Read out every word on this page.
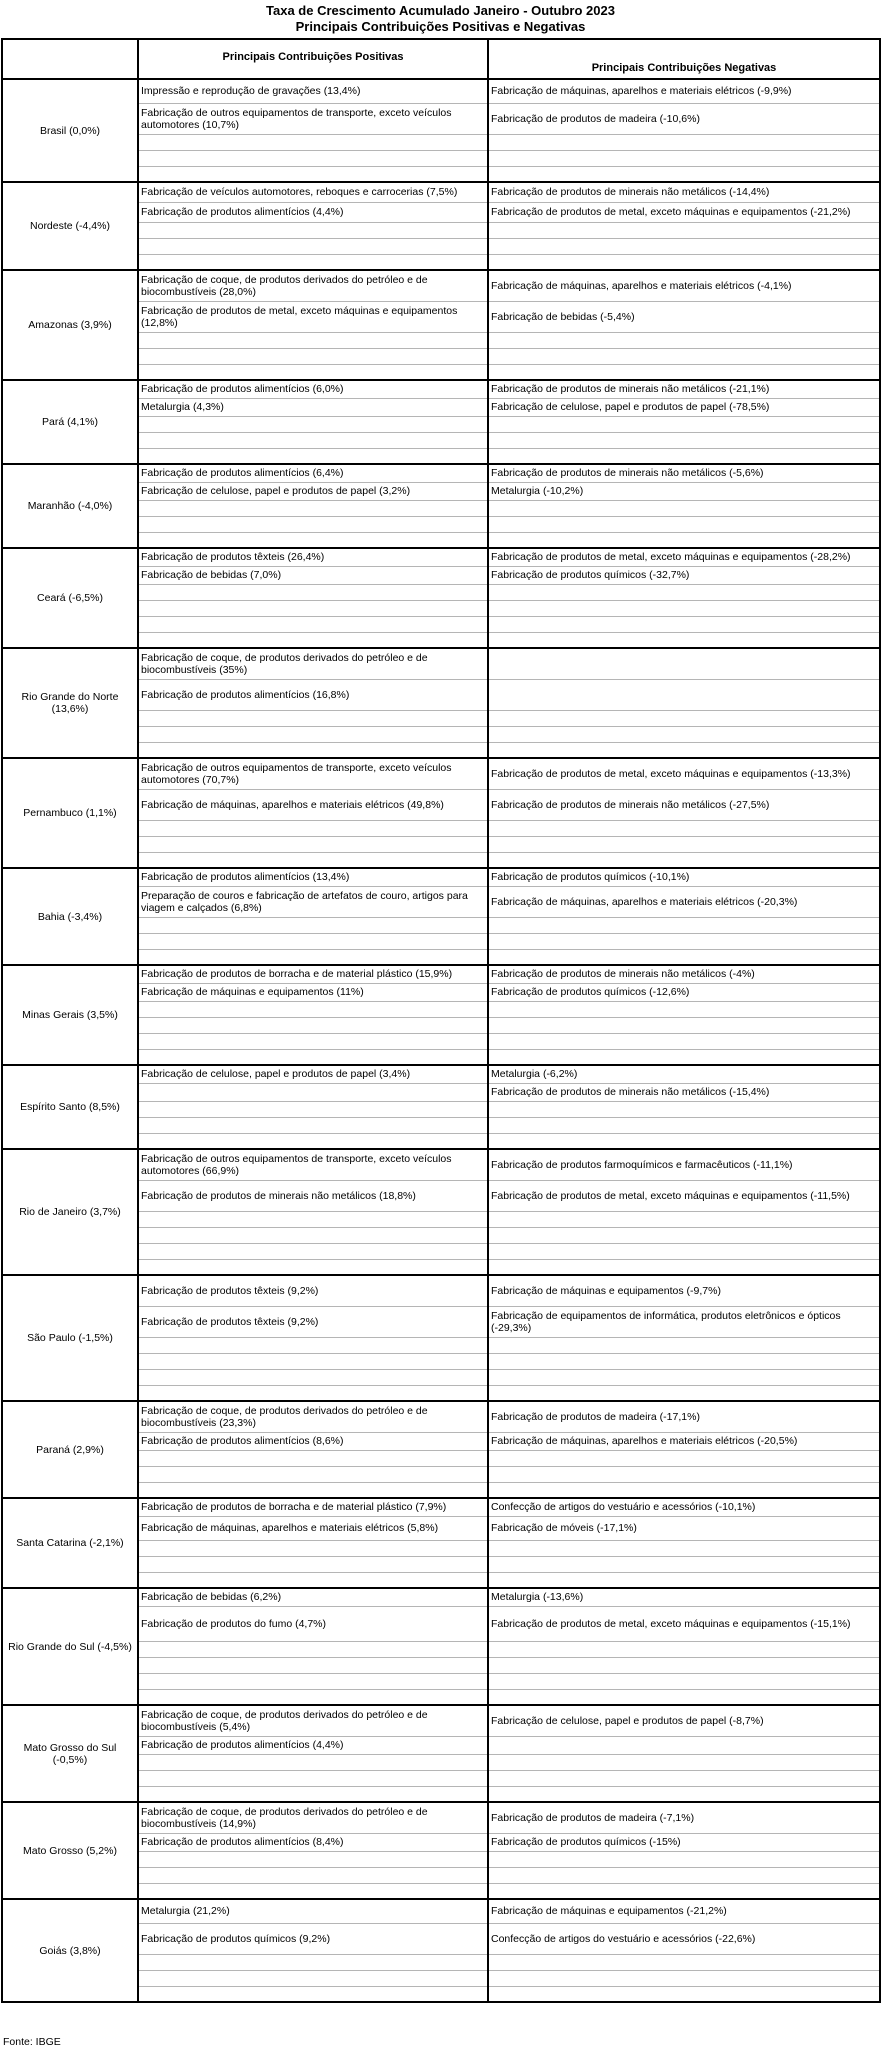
Taxa de Crescimento Acumulado Janeiro - Outubro 2023
Principais Contribuições Positivas e Negativas
	Principais Contribuições Positivas	Principais Contribuições Negativas
Brasil (0,0%)	Impressão e reprodução de gravações (13,4%)	Fabricação de máquinas, aparelhos e materiais elétricos (-9,9%)
	Fabricação de outros equipamentos de transporte, exceto veículos automotores (10,7%)	Fabricação de produtos de madeira (-10,6%)

Nordeste (-4,4%)	Fabricação de veículos automotores, reboques e carrocerias (7,5%)	Fabricação de produtos de minerais não metálicos (-14,4%)
	Fabricação de produtos alimentícios (4,4%)	Fabricação de produtos de metal, exceto máquinas e equipamentos (-21,2%)

Amazonas (3,9%)	Fabricação de coque, de produtos derivados do petróleo e de biocombustíveis (28,0%)	Fabricação de máquinas, aparelhos e materiais elétricos (-4,1%)
	Fabricação de produtos de metal, exceto máquinas e equipamentos (12,8%)	Fabricação de bebidas (-5,4%)

Pará (4,1%)	Fabricação de produtos alimentícios (6,0%)	Fabricação de produtos de minerais não metálicos (-21,1%)
	Metalurgia (4,3%)	Fabricação de celulose, papel e produtos de papel (-78,5%)

Maranhão (-4,0%)	Fabricação de produtos alimentícios (6,4%)	Fabricação de produtos de minerais não metálicos (-5,6%)
	Fabricação de celulose, papel e produtos de papel (3,2%)	Metalurgia (-10,2%)

Ceará (-6,5%)	Fabricação de produtos têxteis (26,4%)	Fabricação de produtos de metal, exceto máquinas e equipamentos (-28,2%)
	Fabricação de bebidas (7,0%)	Fabricação de produtos químicos (-32,7%)

Rio Grande do Norte (13,6%)	Fabricação de coque, de produtos derivados do petróleo e de biocombustíveis (35%)	
	Fabricação de produtos alimentícios (16,8%)	

Pernambuco (1,1%)	Fabricação de outros equipamentos de transporte, exceto veículos automotores (70,7%)	Fabricação de produtos de metal, exceto máquinas e equipamentos (-13,3%)
	Fabricação de máquinas, aparelhos e materiais elétricos (49,8%)	Fabricação de produtos de minerais não metálicos (-27,5%)

Bahia (-3,4%)	Fabricação de produtos alimentícios (13,4%)	Fabricação de produtos químicos (-10,1%)
	Preparação de couros e fabricação de artefatos de couro, artigos para viagem e calçados (6,8%)	Fabricação de máquinas, aparelhos e materiais elétricos (-20,3%)

Minas Gerais (3,5%)	Fabricação de produtos de borracha e de material plástico (15,9%)	Fabricação de produtos de minerais não metálicos (-4%)
	Fabricação de máquinas e equipamentos (11%)	Fabricação de produtos químicos (-12,6%)

Espírito Santo (8,5%)	Fabricação de celulose, papel e produtos de papel (3,4%)	Metalurgia (-6,2%)
		Fabricação de produtos de minerais não metálicos (-15,4%)

Rio de Janeiro (3,7%)	Fabricação de outros equipamentos de transporte, exceto veículos automotores (66,9%)	Fabricação de produtos farmoquímicos e farmacêuticos (-11,1%)
	Fabricação de produtos de minerais não metálicos (18,8%)	Fabricação de produtos de metal, exceto máquinas e equipamentos (-11,5%)

São Paulo (-1,5%)	Fabricação de produtos têxteis (9,2%)	Fabricação de máquinas e equipamentos (-9,7%)
	Fabricação de produtos têxteis (9,2%)	Fabricação de equipamentos de informática, produtos eletrônicos e ópticos (-29,3%)

Paraná (2,9%)	Fabricação de coque, de produtos derivados do petróleo e de biocombustíveis (23,3%)	Fabricação de produtos de madeira (-17,1%)
	Fabricação de produtos alimentícios (8,6%)	Fabricação de máquinas, aparelhos e materiais elétricos (-20,5%)

Santa Catarina (-2,1%)	Fabricação de produtos de borracha e de material plástico (7,9%)	Confecção de artigos do vestuário e acessórios (-10,1%)
	Fabricação de máquinas, aparelhos e materiais elétricos (5,8%)	Fabricação de móveis (-17,1%)

Rio Grande do Sul (-4,5%)	Fabricação de bebidas (6,2%)	Metalurgia (-13,6%)
	Fabricação de produtos do fumo (4,7%)	Fabricação de produtos de metal, exceto máquinas e equipamentos (-15,1%)

Mato Grosso do Sul (-0,5%)	Fabricação de coque, de produtos derivados do petróleo e de biocombustíveis (5,4%)	Fabricação de celulose, papel e produtos de papel (-8,7%)
	Fabricação de produtos alimentícios (4,4%)	

Mato Grosso (5,2%)	Fabricação de coque, de produtos derivados do petróleo e de biocombustíveis (14,9%)	Fabricação de produtos de madeira (-7,1%)
	Fabricação de produtos alimentícios (8,4%)	Fabricação de produtos químicos (-15%)

Goiás (3,8%)	Metalurgia (21,2%)	Fabricação de máquinas e equipamentos (-21,2%)
	Fabricação de produtos químicos (9,2%)	Confecção de artigos do vestuário e acessórios (-22,6%)

Fonte: IBGE
